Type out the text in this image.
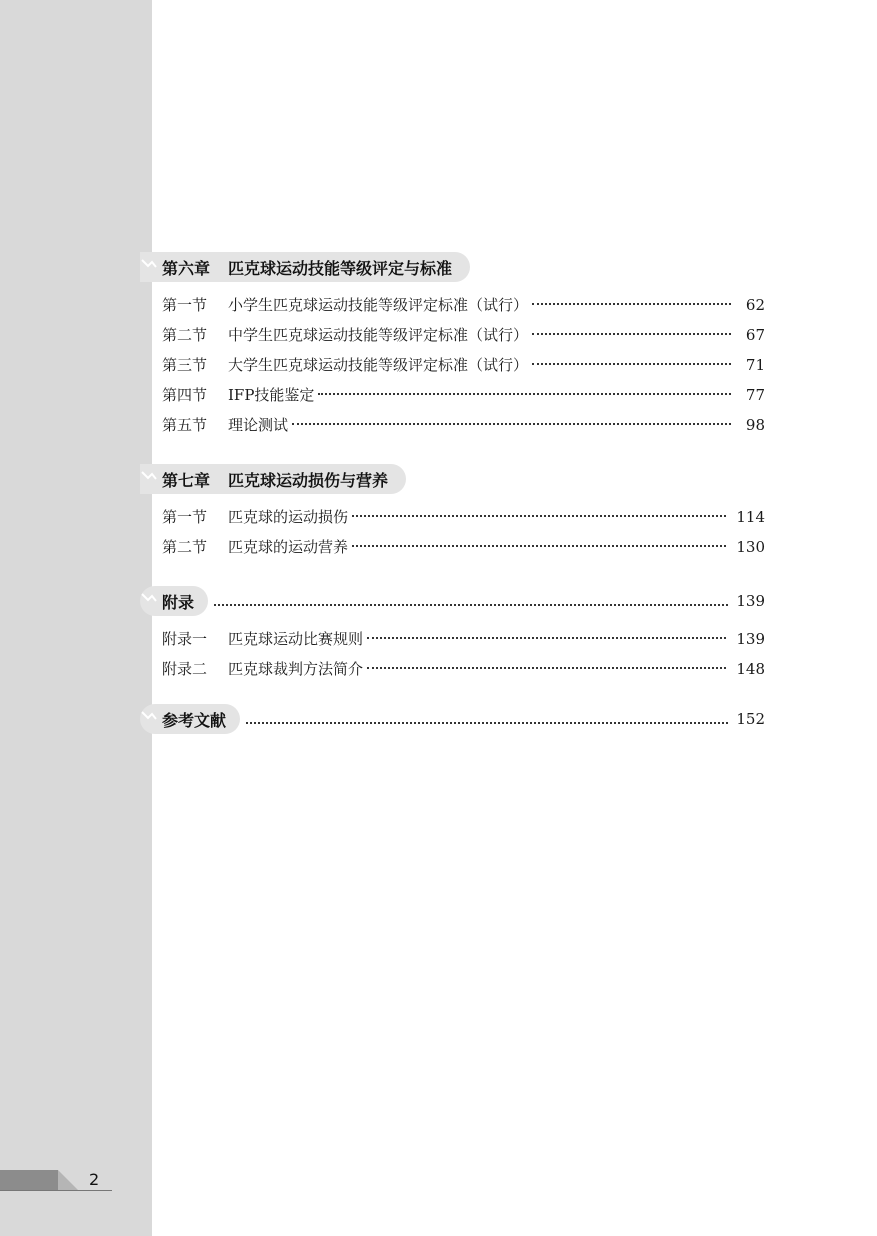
第六章 匹克球运动技能等级评定与标准
第一节	小学生匹克球运动技能等级评定标准（试行）	62
第二节	中学生匹克球运动技能等级评定标准（试行）	67
第三节	大学生匹克球运动技能等级评定标准（试行）	71
第四节	IFP技能鉴定	77
第五节	理论测试	98
第七章 匹克球运动损伤与营养
第一节	匹克球的运动损伤	114
第二节	匹克球的运动营养	130
附录	139
附录一	匹克球运动比赛规则	139
附录二	匹克球裁判方法简介	148
参考文献	152
2
